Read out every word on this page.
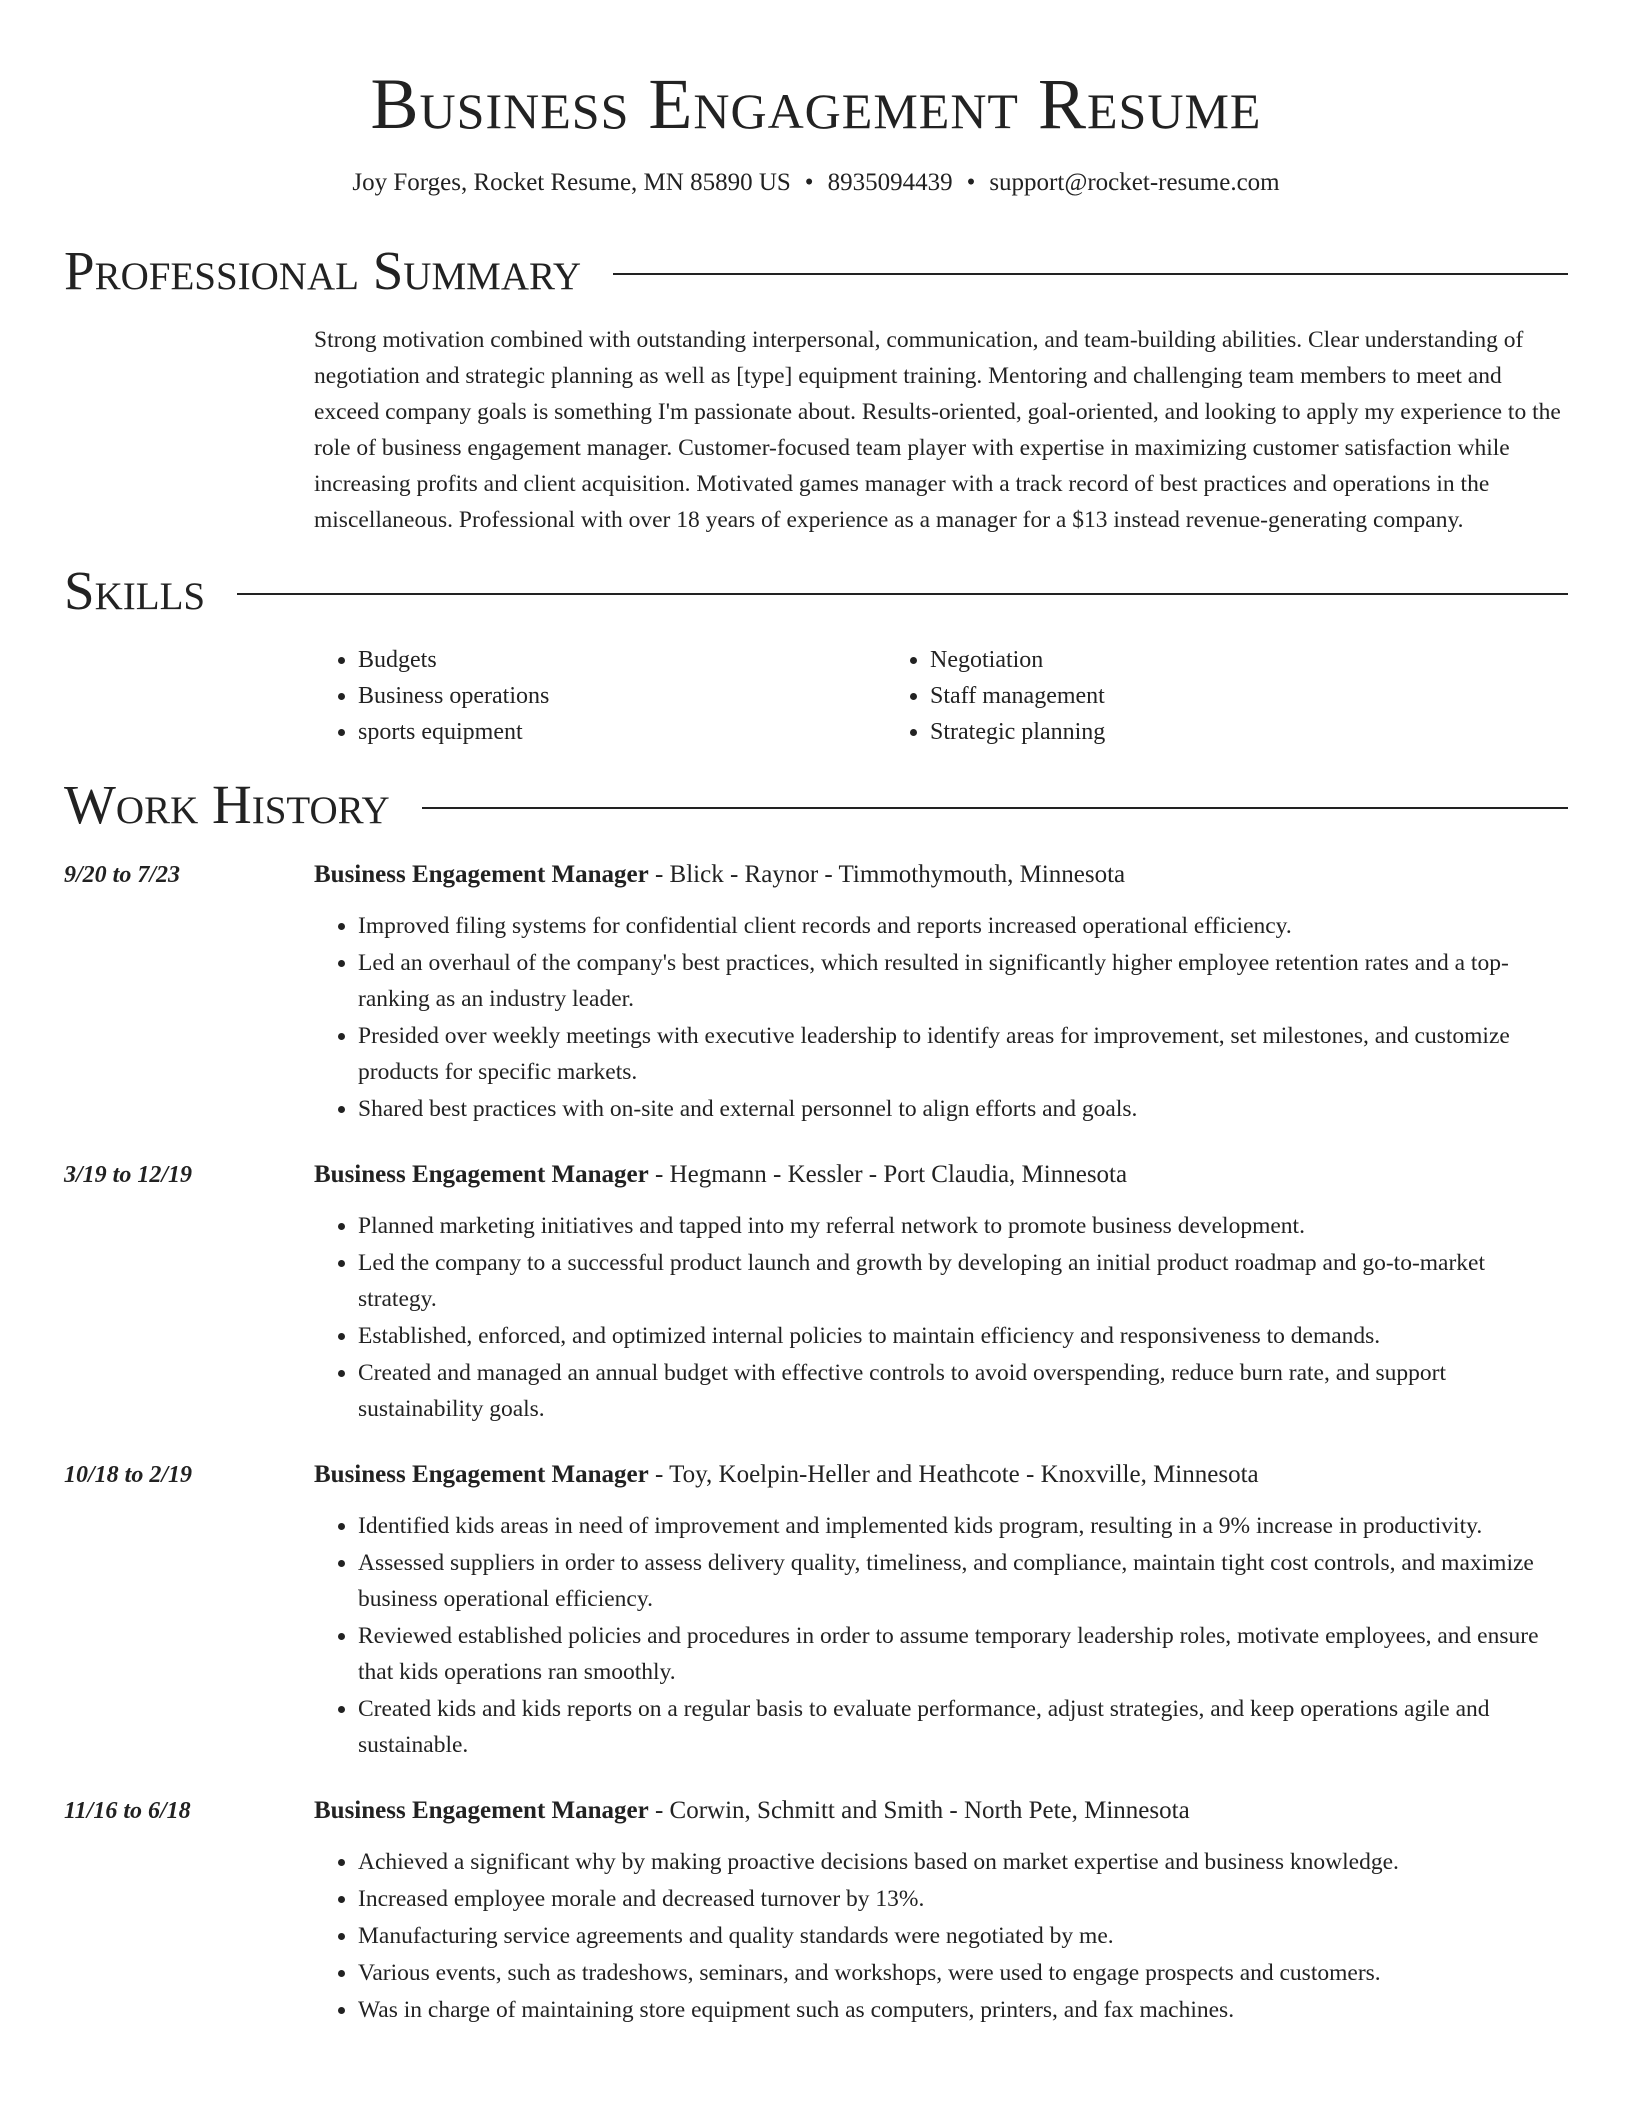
Business Engagement Resume
Joy Forges, Rocket Resume, MN 85890 US • 8935094439 • support@rocket-resume.com
Professional Summary
Strong motivation combined with outstanding interpersonal, communication, and team-building abilities. Clear understanding of negotiation and strategic planning as well as [type] equipment training. Mentoring and challenging team members to meet and exceed company goals is something I'm passionate about. Results-oriented, goal-oriented, and looking to apply my experience to the role of business engagement manager. Customer-focused team player with expertise in maximizing customer satisfaction while increasing profits and client acquisition. Motivated games manager with a track record of best practices and operations in the miscellaneous. Professional with over 18 years of experience as a manager for a $13 instead revenue-generating company.
Skills
• Budgets
• Business operations
• sports equipment
• Negotiation
• Staff management
• Strategic planning
Work History
9/20 to 7/23	Business Engagement Manager - Blick - Raynor - Timmothymouth, Minnesota
• Improved filing systems for confidential client records and reports increased operational efficiency.
• Led an overhaul of the company's best practices, which resulted in significantly higher employee retention rates and a top-ranking as an industry leader.
• Presided over weekly meetings with executive leadership to identify areas for improvement, set milestones, and customize products for specific markets.
• Shared best practices with on-site and external personnel to align efforts and goals.
3/19 to 12/19	Business Engagement Manager - Hegmann - Kessler - Port Claudia, Minnesota
• Planned marketing initiatives and tapped into my referral network to promote business development.
• Led the company to a successful product launch and growth by developing an initial product roadmap and go-to-market strategy.
• Established, enforced, and optimized internal policies to maintain efficiency and responsiveness to demands.
• Created and managed an annual budget with effective controls to avoid overspending, reduce burn rate, and support sustainability goals.
10/18 to 2/19	Business Engagement Manager - Toy, Koelpin-Heller and Heathcote - Knoxville, Minnesota
• Identified kids areas in need of improvement and implemented kids program, resulting in a 9% increase in productivity.
• Assessed suppliers in order to assess delivery quality, timeliness, and compliance, maintain tight cost controls, and maximize business operational efficiency.
• Reviewed established policies and procedures in order to assume temporary leadership roles, motivate employees, and ensure that kids operations ran smoothly.
• Created kids and kids reports on a regular basis to evaluate performance, adjust strategies, and keep operations agile and sustainable.
11/16 to 6/18	Business Engagement Manager - Corwin, Schmitt and Smith - North Pete, Minnesota
• Achieved a significant why by making proactive decisions based on market expertise and business knowledge.
• Increased employee morale and decreased turnover by 13%.
• Manufacturing service agreements and quality standards were negotiated by me.
• Various events, such as tradeshows, seminars, and workshops, were used to engage prospects and customers.
• Was in charge of maintaining store equipment such as computers, printers, and fax machines.
